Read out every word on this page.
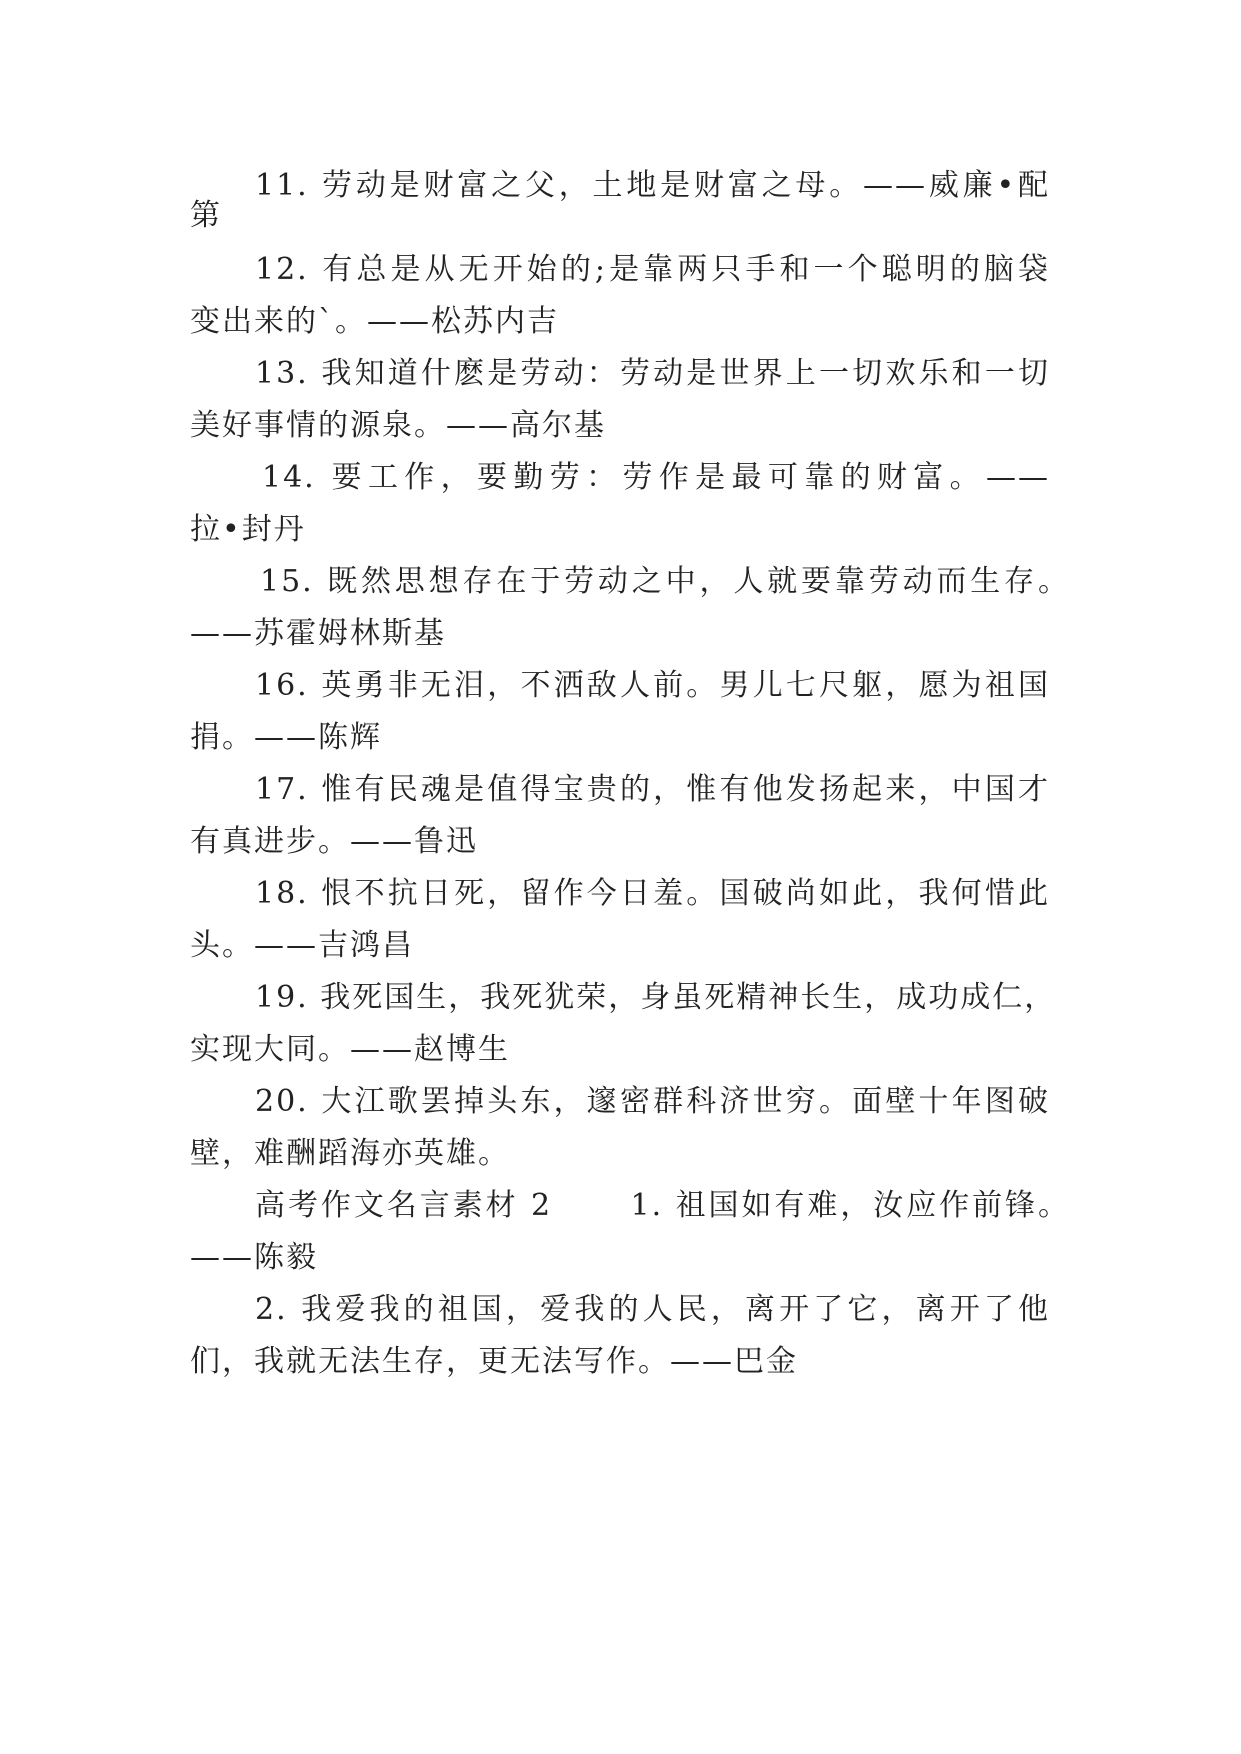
11. 劳动是财富之父，土地是财富之母。——威廉•配
第
12. 有总是从无开始的;是靠两只手和一个聪明的脑袋
变出来的`。——松苏内吉
13. 我知道什麽是劳动：劳动是世界上一切欢乐和一切
美好事情的源泉。——高尔基
14. 要工作，要勤劳：劳作是最可靠的财富。——
拉•封丹
15. 既然思想存在于劳动之中，人就要靠劳动而生存。
——苏霍姆林斯基
16. 英勇非无泪，不洒敌人前。男儿七尺躯，愿为祖国
捐。——陈辉
17. 惟有民魂是值得宝贵的，惟有他发扬起来，中国才
有真进步。——鲁迅
18. 恨不抗日死，留作今日羞。国破尚如此，我何惜此
头。——吉鸿昌
19. 我死国生，我死犹荣，身虽死精神长生，成功成仁，
实现大同。——赵博生
20. 大江歌罢掉头东，邃密群科济世穷。面壁十年图破
壁，难酬蹈海亦英雄。
高考作文名言素材 2 　　1. 祖国如有难，汝应作前锋。
——陈毅
2. 我爱我的祖国，爱我的人民，离开了它，离开了他
们，我就无法生存，更无法写作。——巴金
